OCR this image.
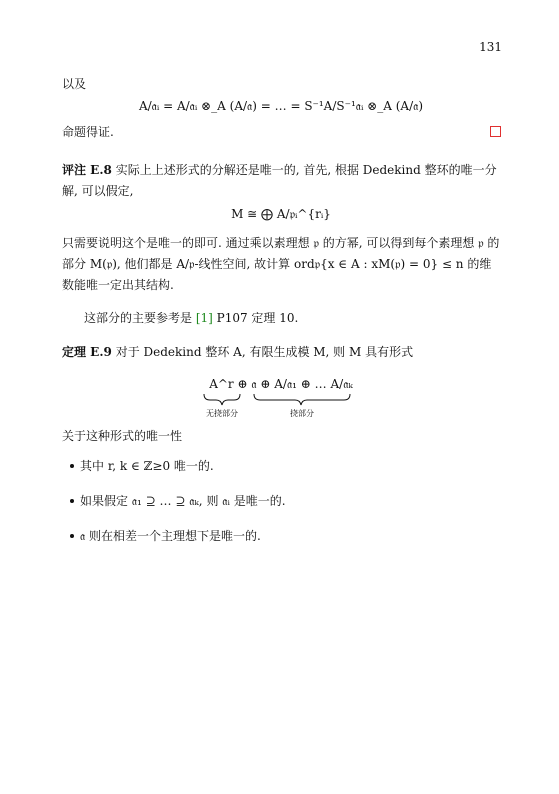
131
以及
A/𝔞ᵢ = A/𝔞ᵢ ⊗_A (A/𝔞) = … = S⁻¹A/S⁻¹𝔞ᵢ ⊗_A (A/𝔞)
命题得证.
评注 E.8 实际上上述形式的分解还是唯一的, 首先, 根据 Dedekind 整环的唯一分解, 可以假定,
M ≅ ⨁ A/𝔭ᵢ^{rᵢ}
只需要说明这个是唯一的即可. 通过乘以素理想 𝔭 的方幂, 可以得到每个素理想 𝔭 的部分 M(𝔭), 他们都是 A/𝔭-线性空间, 故计算 ord𝔭{x ∈ A : xM(𝔭) = 0} ≤ n 的维数能唯一定出其结构.
这部分的主要参考是 [1] P107 定理 10.
定理 E.9 对于 Dedekind 整环 A, 有限生成模 M, 则 M 具有形式
A^r ⊕ 𝔞 ⊕ A/𝔞₁ ⊕ … A/𝔞ₖ
无挠部分	挠部分
关于这种形式的唯一性
其中 r, k ∈ ℤ≥0 唯一的.
如果假定 𝔞₁ ⊇ … ⊇ 𝔞ₖ, 则 𝔞ᵢ 是唯一的.
𝔞 则在相差一个主理想下是唯一的.
